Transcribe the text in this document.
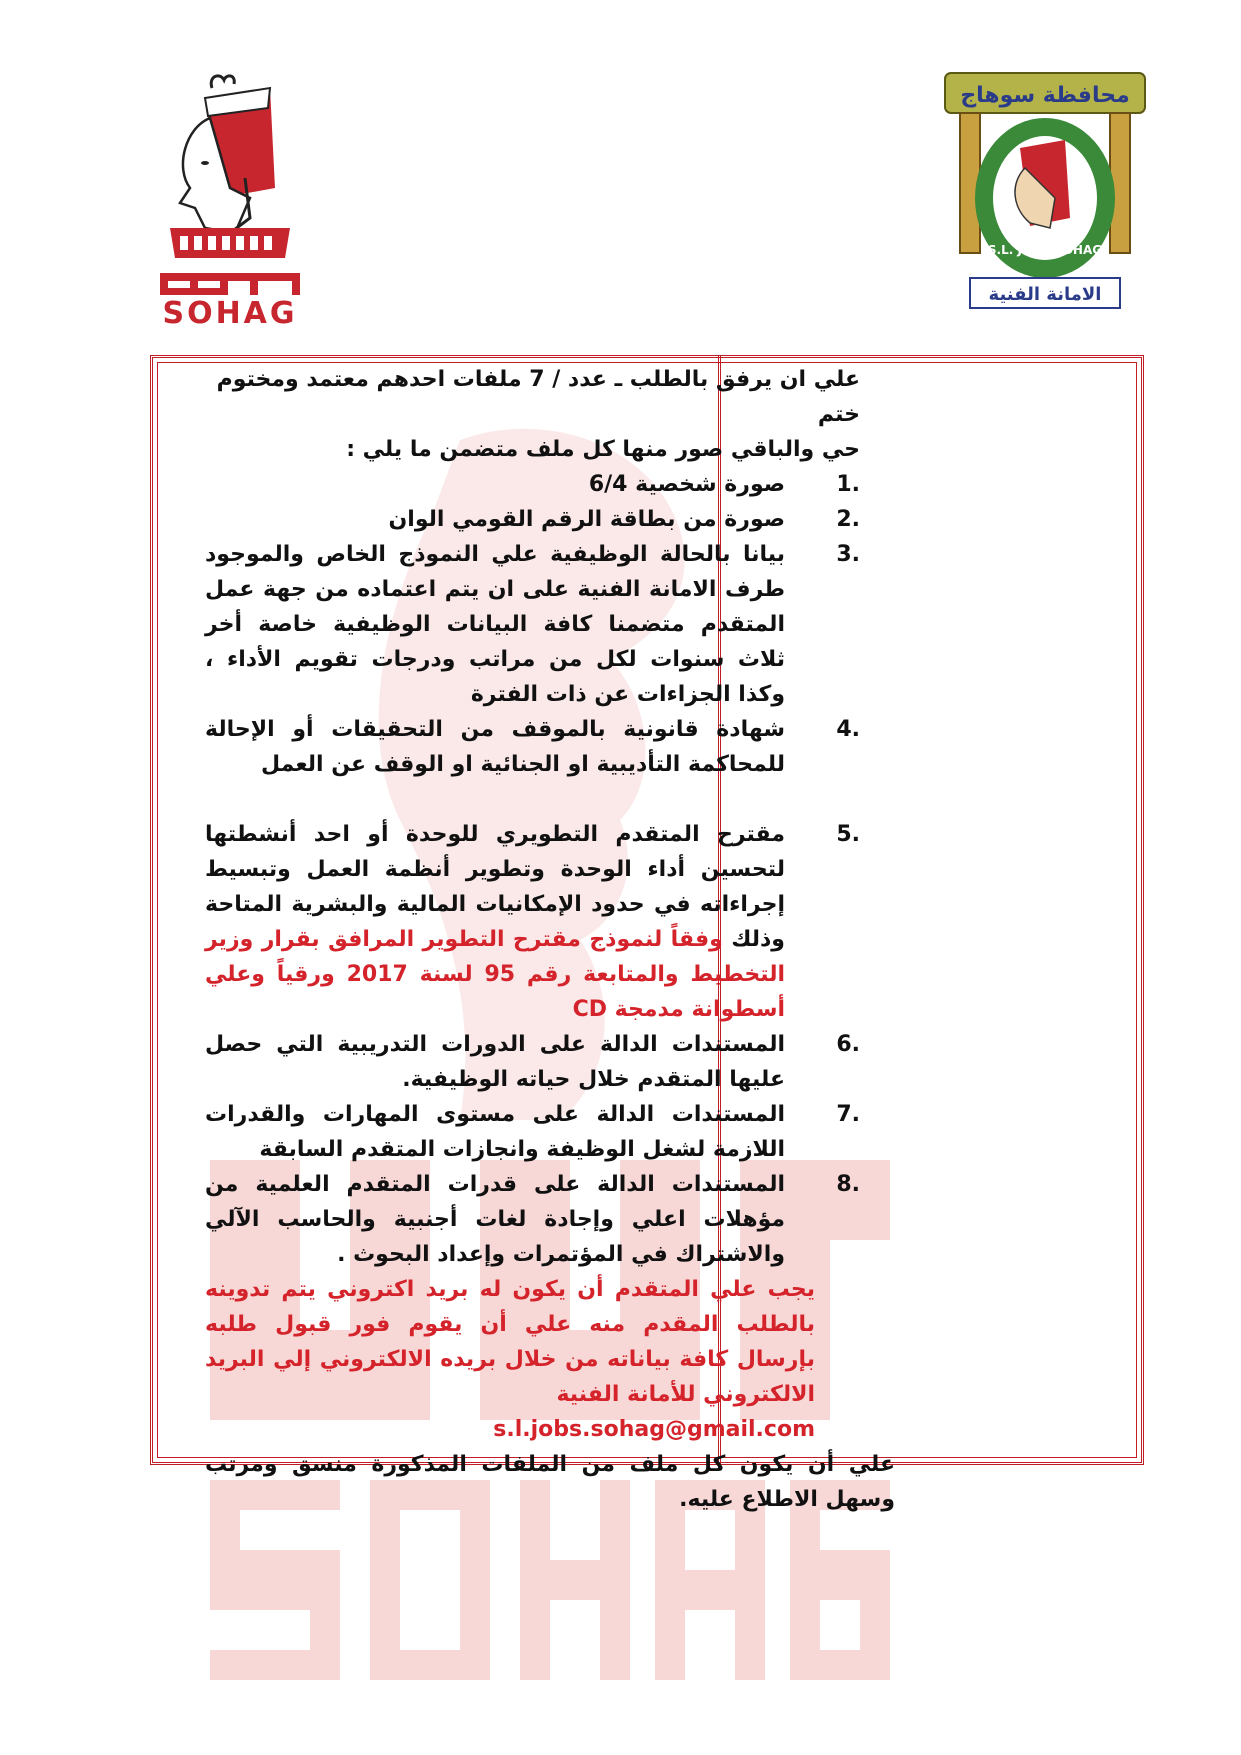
SOHAG
محافظة سوهاج
S.L. JOBS SOHAG
الامانة الفنية

علي ان يرفق بالطلب ـ عدد / 7 ملفات احدهم معتمد ومختوم ختم

حي والباقي صور منها كل ملف متضمن ما يلي :

1.
صورة شخصية 6/4
2.
صورة من بطاقة الرقم القومي الوان
3.
بيانا بالحالة الوظيفية علي النموذج الخاص والموجود طرف الامانة الفنية على ان يتم اعتماده من جهة عمل المتقدم متضمنا كافة البيانات الوظيفية خاصة أخر ثلاث سنوات لكل من مراتب ودرجات تقويم الأداء ، وكذا الجزاءات عن ذات الفترة
4.
شهادة قانونية بالموقف من التحقيقات أو الإحالة للمحاكمة التأديبية او الجنائية او الوقف عن العمل
5.
مقترح المتقدم التطويري للوحدة أو احد أنشطتها لتحسين أداء الوحدة وتطوير أنظمة العمل وتبسيط إجراءاته في حدود الإمكانيات المالية والبشرية المتاحة وذلك وفقاً لنموذج مقترح التطوير المرافق بقرار وزير التخطيط والمتابعة رقم 95 لسنة 2017 ورقياً وعلي أسطوانة مدمجة CD
6.
المستندات الدالة على الدورات التدريبية التي حصل عليها المتقدم خلال حياته الوظيفية.
7.
المستندات الدالة على مستوى المهارات والقدرات اللازمة لشغل الوظيفة وانجازات المتقدم السابقة
8.
المستندات الدالة على قدرات المتقدم العلمية من مؤهلات اعلي وإجادة لغات أجنبية والحاسب الآلي والاشتراك في المؤتمرات وإعداد البحوث .

يجب علي المتقدم أن يكون له بريد اكتروني يتم تدوينه بالطلب المقدم منه علي أن يقوم فور قبول طلبه بإرسال كافة بياناته من خلال بريده الالكتروني إلي البريد الالكتروني للأمانة الفنية

s.l.jobs.sohag@gmail.com

علي أن يكون كل ملف من الملفات المذكورة منسق ومرتب وسهل الاطلاع عليه.
